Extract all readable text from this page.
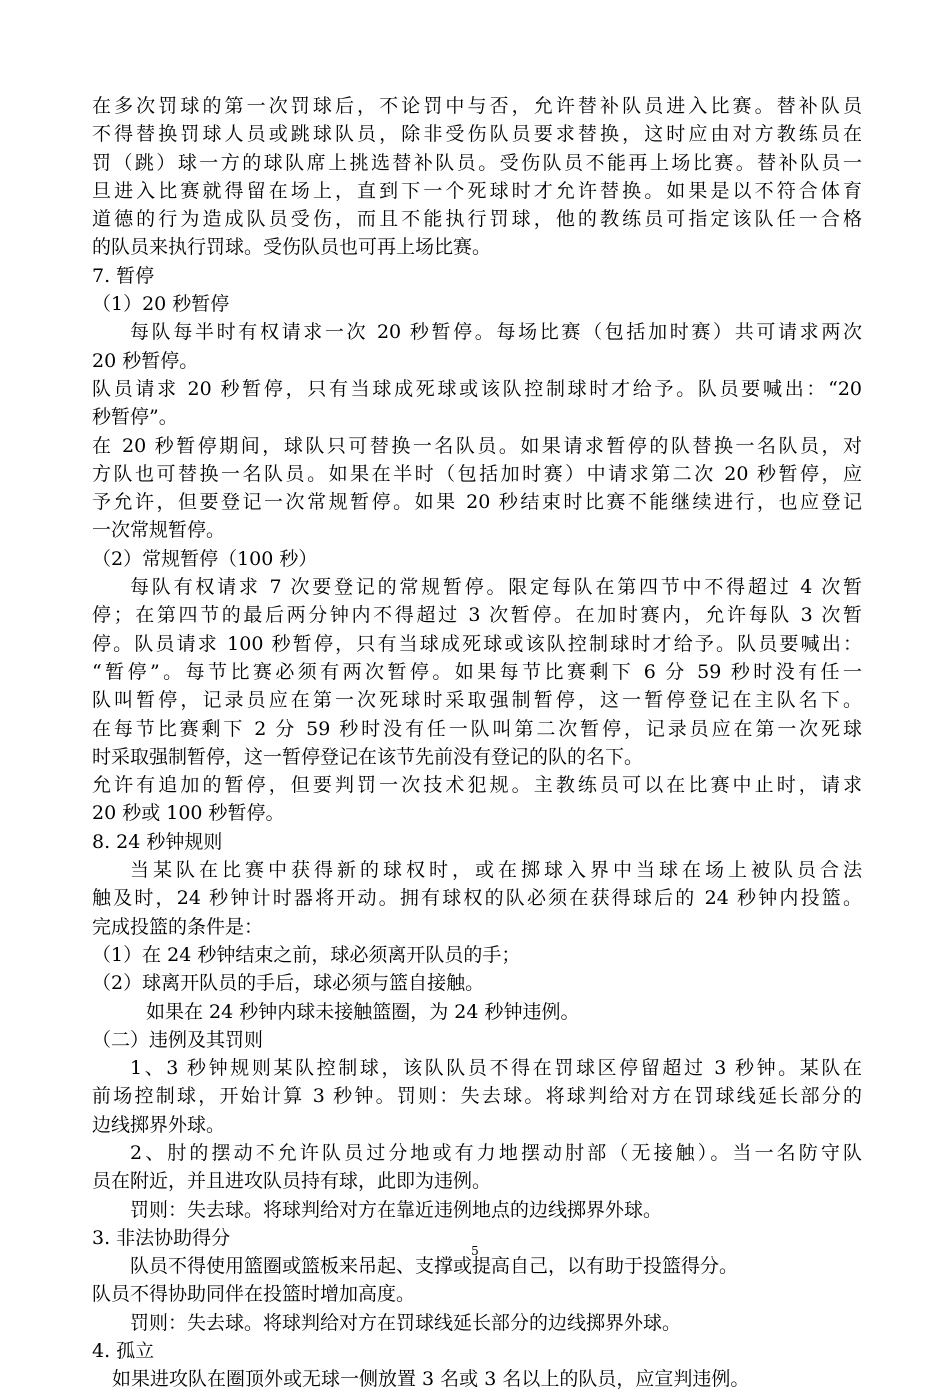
在多次罚球的第一次罚球后，不论罚中与否，允许替补队员进入比赛。替补队员
不得替换罚球人员或跳球队员，除非受伤队员要求替换，这时应由对方教练员在
罚（跳）球一方的球队席上挑选替补队员。受伤队员不能再上场比赛。替补队员一
旦进入比赛就得留在场上，直到下一个死球时才允许替换。如果是以不符合体育
道德的行为造成队员受伤，而且不能执行罚球，他的教练员可指定该队任一合格
的队员来执行罚球。受伤队员也可再上场比赛。
7. 暂停
（1）20 秒暂停
每队每半时有权请求一次 20 秒暂停。每场比赛（包括加时赛）共可请求两次
20 秒暂停。
队员请求 20 秒暂停，只有当球成死球或该队控制球时才给予。队员要喊出：“20
秒暂停”。
在 20 秒暂停期间，球队只可替换一名队员。如果请求暂停的队替换一名队员，对
方队也可替换一名队员。如果在半时（包括加时赛）中请求第二次 20 秒暂停，应
予允许，但要登记一次常规暂停。如果 20 秒结束时比赛不能继续进行，也应登记
一次常规暂停。
（2）常规暂停（100 秒）
每队有权请求 7 次要登记的常规暂停。限定每队在第四节中不得超过 4 次暂
停；在第四节的最后两分钟内不得超过 3 次暂停。在加时赛内，允许每队 3 次暂
停。队员请求 100 秒暂停，只有当球成死球或该队控制球时才给予。队员要喊出：
“暂停”。每节比赛必须有两次暂停。如果每节比赛剩下 6 分 59 秒时没有任一
队叫暂停，记录员应在第一次死球时采取强制暂停，这一暂停登记在主队名下。
在每节比赛剩下 2 分 59 秒时没有任一队叫第二次暂停，记录员应在第一次死球
时采取强制暂停，这一暂停登记在该节先前没有登记的队的名下。
允许有追加的暂停，但要判罚一次技术犯规。主教练员可以在比赛中止时，请求
20 秒或 100 秒暂停。
8. 24 秒钟规则
当某队在比赛中获得新的球权时，或在掷球入界中当球在场上被队员合法
触及时，24 秒钟计时器将开动。拥有球权的队必须在获得球后的 24 秒钟内投篮。
完成投篮的条件是：
（1）在 24 秒钟结束之前，球必须离开队员的手；
（2）球离开队员的手后，球必须与篮自接触。
如果在 24 秒钟内球未接触篮圈，为 24 秒钟违例。
（二）违例及其罚则
1、3 秒钟规则某队控制球，该队队员不得在罚球区停留超过 3 秒钟。某队在
前场控制球，开始计算 3 秒钟。罚则：失去球。将球判给对方在罚球线延长部分的
边线掷界外球。
2、肘的摆动不允许队员过分地或有力地摆动肘部（无接触）。当一名防守队
员在附近，并且进攻队员持有球，此即为违例。
罚则：失去球。将球判给对方在靠近违例地点的边线掷界外球。
3. 非法协助得分
队员不得使用篮圈或篮板来吊起、支撑或提高自己，以有助于投篮得分。
队员不得协助同伴在投篮时增加高度。
罚则：失去球。将球判给对方在罚球线延长部分的边线掷界外球。
4. 孤立
如果进攻队在圈顶外或无球一侧放置 3 名或 3 名以上的队员，应宣判违例。
5
